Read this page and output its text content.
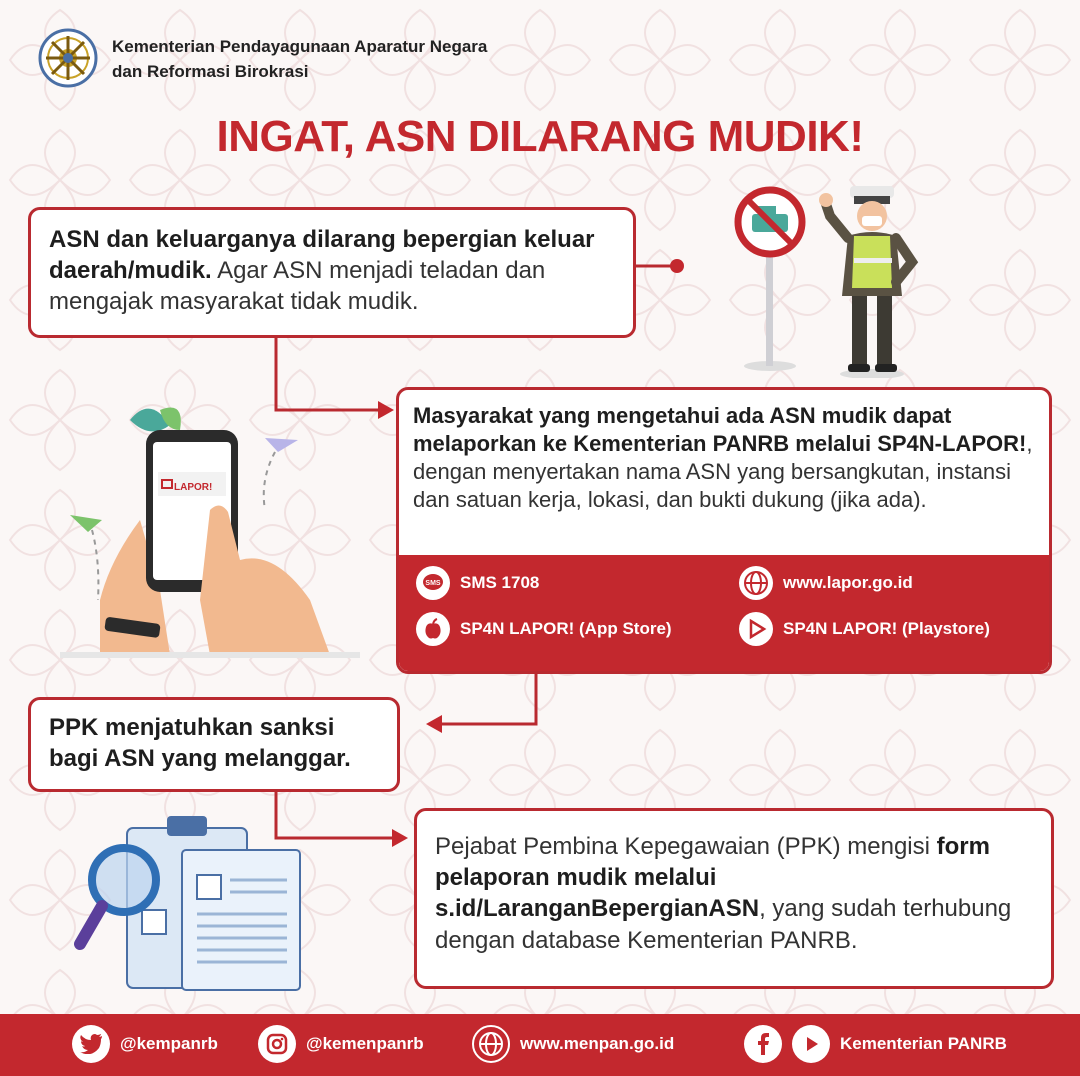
Kementerian Pendayagunaan Aparatur Negara
dan Reformasi Birokrasi
INGAT, ASN DILARANG MUDIK!
ASN dan keluarganya dilarang bepergian keluar daerah/mudik. Agar ASN menjadi teladan dan mengajak masyarakat tidak mudik.
LAPOR!
Masyarakat yang mengetahui ada ASN mudik dapat melaporkan ke Kementerian PANRB melalui SP4N-LAPOR!, dengan menyertakan nama ASN yang bersangkutan, instansi dan satuan kerja, lokasi, dan bukti dukung (jika ada).
SMS SMS 1708	www.lapor.go.id
SP4N LAPOR! (App Store)	SP4N LAPOR! (Playstore)
PPK menjatuhkan sanksi bagi ASN yang melanggar.
Pejabat Pembina Kepegawaian (PPK) mengisi form pelaporan mudik melalui s.id/LaranganBepergianASN, yang sudah terhubung dengan database Kementerian PANRB.
@kempanrb	@kemenpanrb	www.menpan.go.id	Kementerian PANRB
